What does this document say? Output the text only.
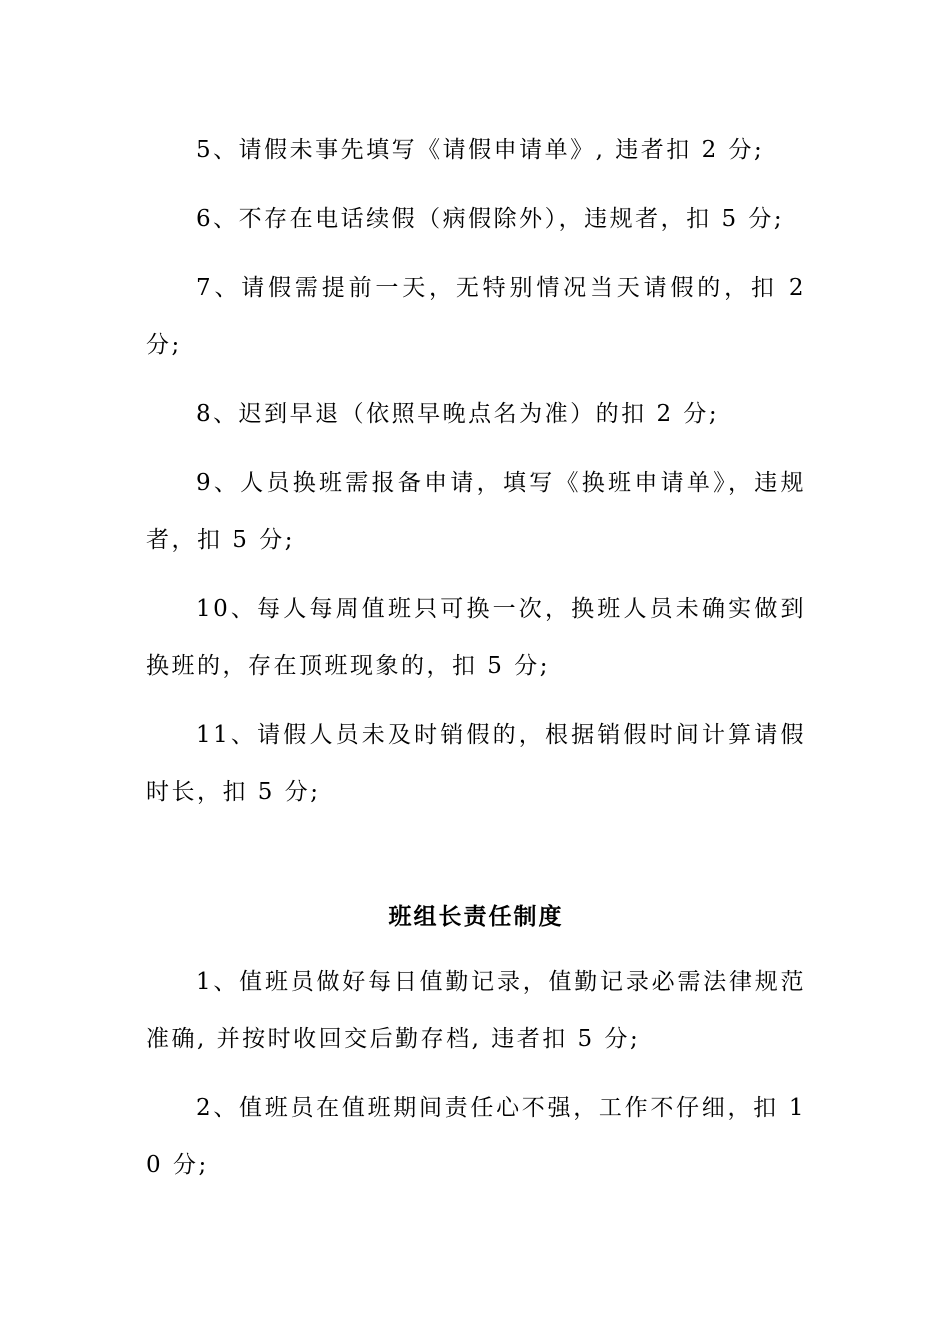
5、请假未事先填写《请假申请单》, 违者扣 2 分;

6、不存在电话续假（病假除外），违规者，扣 5 分;

7、请假需提前一天，无特别情况当天请假的，扣 2 分;

8、迟到早退（依照早晚点名为准）的扣 2 分;

9、人员换班需报备申请，填写《换班申请单》，违规者，扣 5 分;

10、每人每周值班只可换一次，换班人员未确实做到换班的，存在顶班现象的，扣 5 分;

11、请假人员未及时销假的，根据销假时间计算请假时长，扣 5 分;

班组长责任制度

1、值班员做好每日值勤记录，值勤记录必需法律规范准确, 并按时收回交后勤存档, 违者扣 5 分;

2、值班员在值班期间责任心不强，工作不仔细，扣 10 分;
